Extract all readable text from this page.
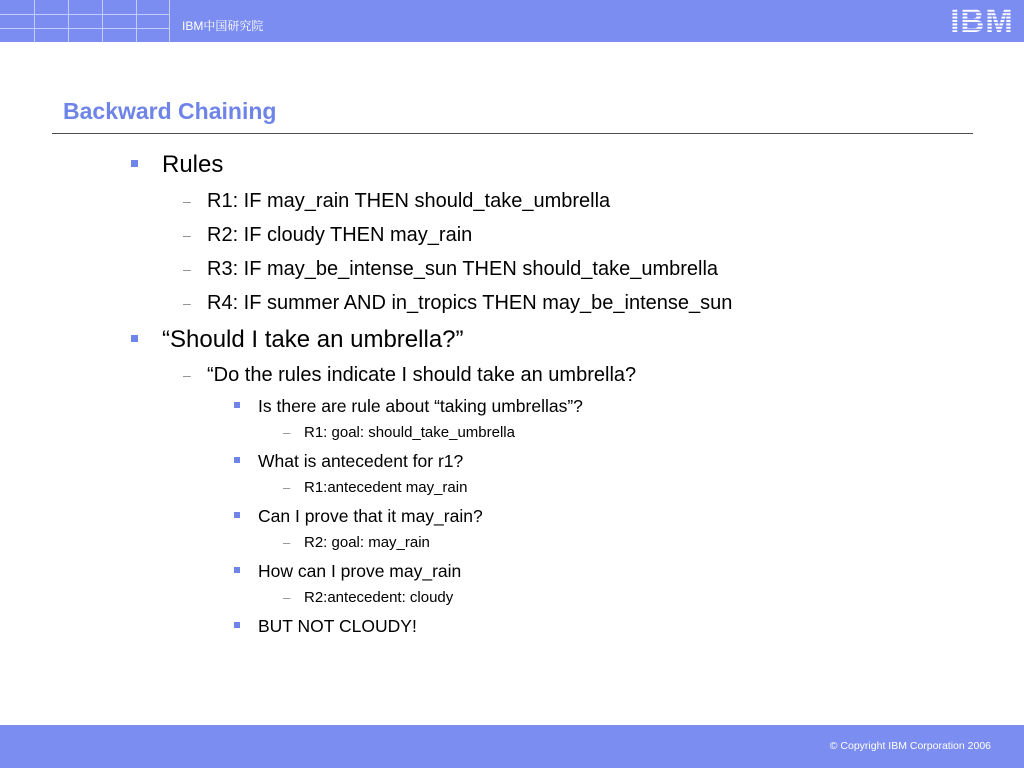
IBM中国研究院	IBM
Backward Chaining
Rules
– R1: IF may_rain THEN should_take_umbrella
– R2: IF cloudy THEN may_rain
– R3: IF may_be_intense_sun THEN should_take_umbrella
– R4: IF summer AND in_tropics THEN may_be_intense_sun
“Should I take an umbrella?”
– “Do the rules indicate I should take an umbrella?
Is there are rule about “taking umbrellas”?
– R1: goal: should_take_umbrella
What is antecedent for r1?
– R1:antecedent may_rain
Can I prove that it may_rain?
– R2: goal: may_rain
How can I prove may_rain
– R2:antecedent: cloudy
BUT NOT CLOUDY!
© Copyright IBM Corporation 2006
